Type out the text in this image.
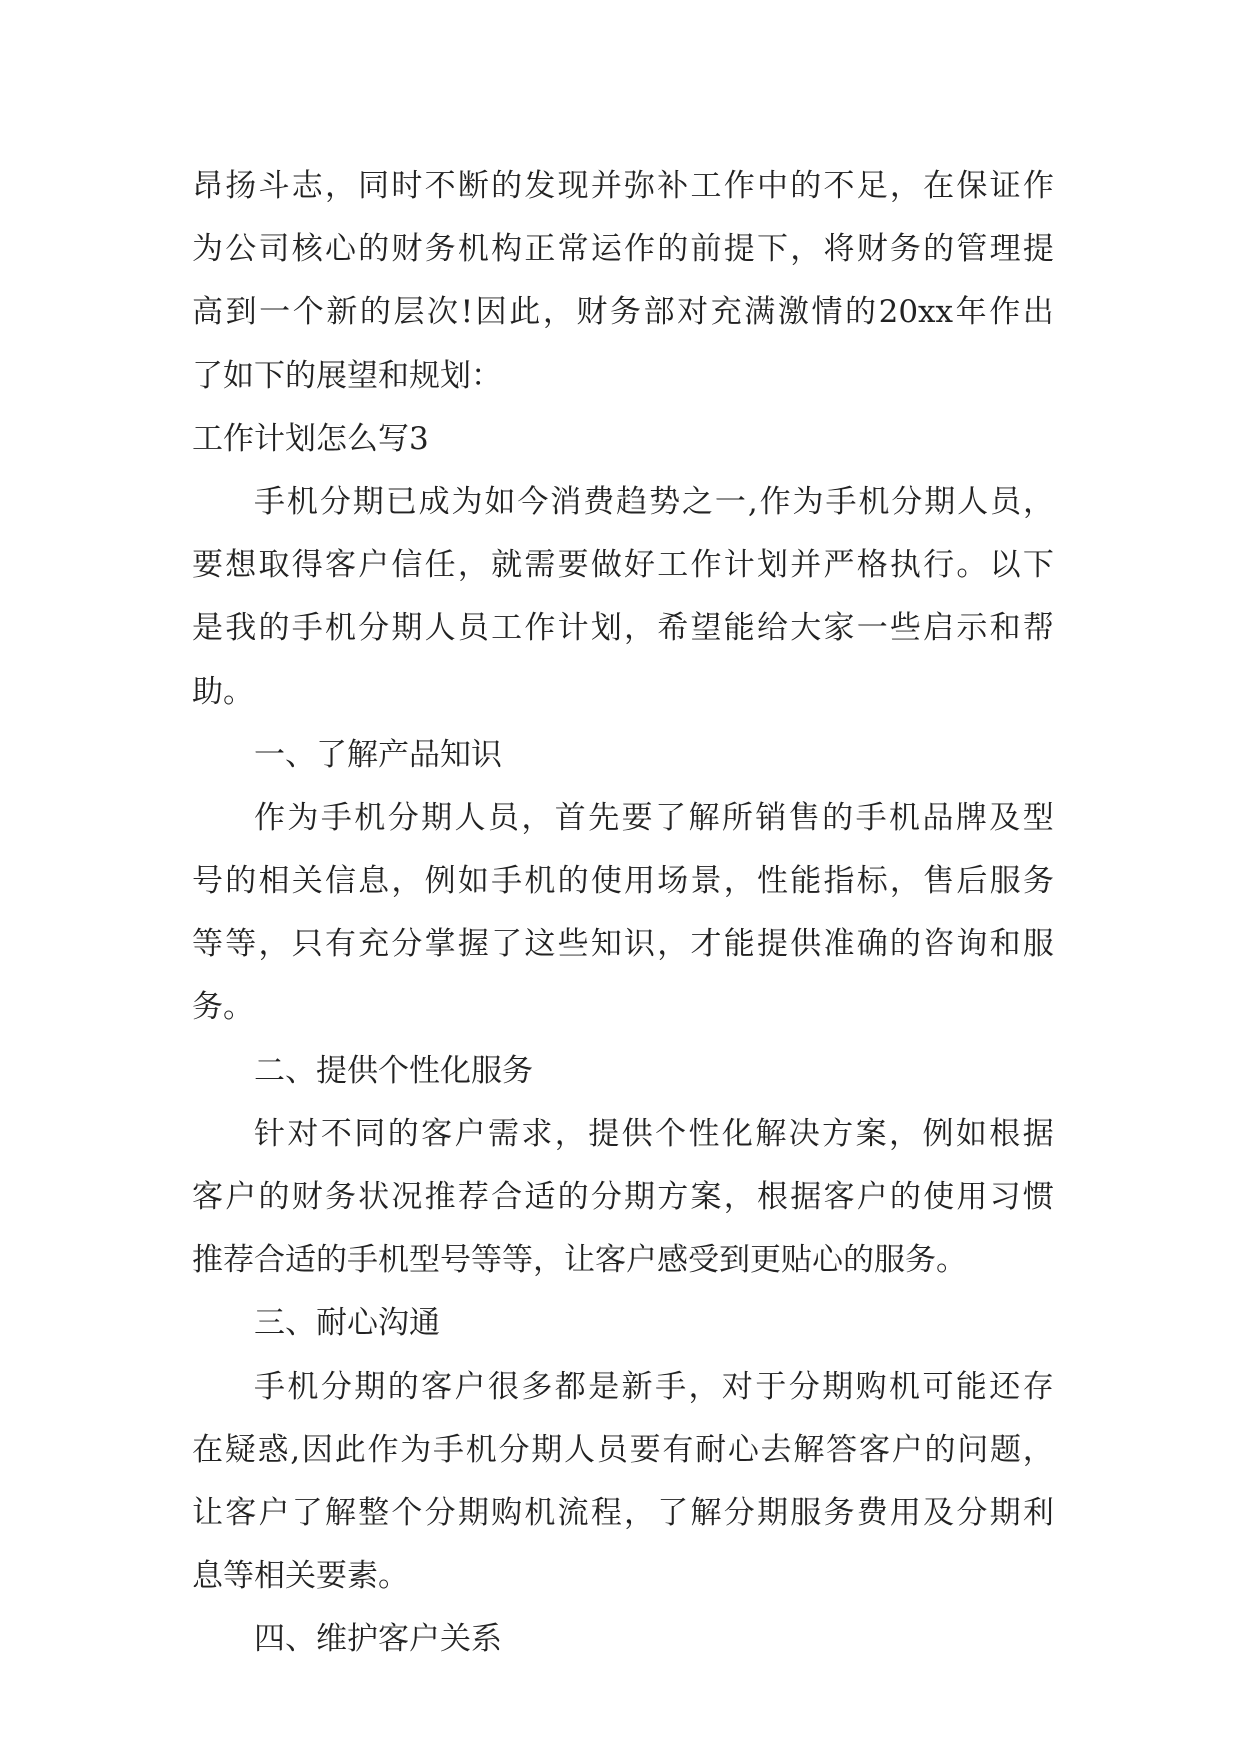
昂 扬 斗 志 ， 同 时 不 断 的 发 现 并 弥 补 工 作 中 的 不 足 ， 在 保 证 作
为 公 司 核 心 的 财 务 机 构 正 常 运 作 的 前 提 下 ， 将 财 务 的 管 理 提
高 到 一 个 新 的 层 次 ! 因 此 ， 财 务 部 对 充 满 激 情 的 20xx 年 作 出
了如下的展望和规划：
工作计划怎么写3
手 机 分 期 已 成 为 如 今 消 费 趋 势 之 一 , 作 为 手 机 分 期 人 员 ，
要 想 取 得 客 户 信 任 ， 就 需 要 做 好 工 作 计 划 并 严 格 执 行 。 以 下
是 我 的 手 机 分 期 人 员 工 作 计 划 ， 希 望 能 给 大 家 一 些 启 示 和 帮
助。
一、了解产品知识
作 为 手 机 分 期 人 员 ， 首 先 要 了 解 所 销 售 的 手 机 品 牌 及 型
号 的 相 关 信 息 ， 例 如 手 机 的 使 用 场 景 ， 性 能 指 标 ， 售 后 服 务
等 等 ， 只 有 充 分 掌 握 了 这 些 知 识 ， 才 能 提 供 准 确 的 咨 询 和 服
务。
二、提供个性化服务
针 对 不 同 的 客 户 需 求 ， 提 供 个 性 化 解 决 方 案 ， 例 如 根 据
客 户 的 财 务 状 况 推 荐 合 适 的 分 期 方 案 ， 根 据 客 户 的 使 用 习 惯
推荐合适的手机型号等等，让客户感受到更贴心的服务。
三、耐心沟通
手 机 分 期 的 客 户 很 多 都 是 新 手 ， 对 于 分 期 购 机 可 能 还 存
在 疑 惑 , 因 此 作 为 手 机 分 期 人 员 要 有 耐 心 去 解 答 客 户 的 问 题 ，
让 客 户 了 解 整 个 分 期 购 机 流 程 ， 了 解 分 期 服 务 费 用 及 分 期 利
息等相关要素。
四、维护客户关系
